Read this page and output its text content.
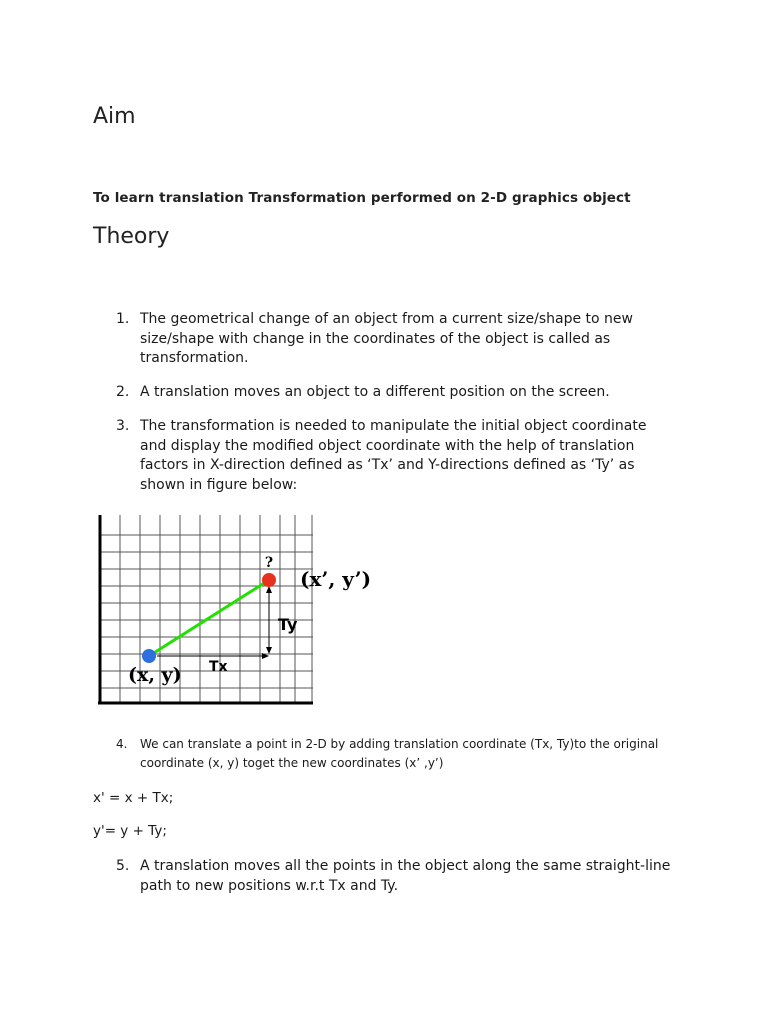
Aim

To learn translation Transformation performed on 2-D graphics object

Theory
1. The geometrical change of an object from a current size/shape to new size/shape with change in the coordinates of the object is called as transformation.
2. A translation moves an object to a different position on the screen.
3. The transformation is needed to manipulate the initial object coordinate and display the modified object coordinate with the help of translation factors in X-direction defined as ‘Tx’ and Y-directions defined as ‘Ty’ as shown in figure below:
?
(x’, y’)
Ty
Tx
(x, y)
4.	We can translate a point in 2-D by adding translation coordinate (Tx, Ty)to the original coordinate (x, y) toget the new coordinates (x’ ,y’)
x' = x + Tx;
y'= y + Ty;
5. A translation moves all the points in the object along the same straight-line path to new positions w.r.t Tx and Ty.
